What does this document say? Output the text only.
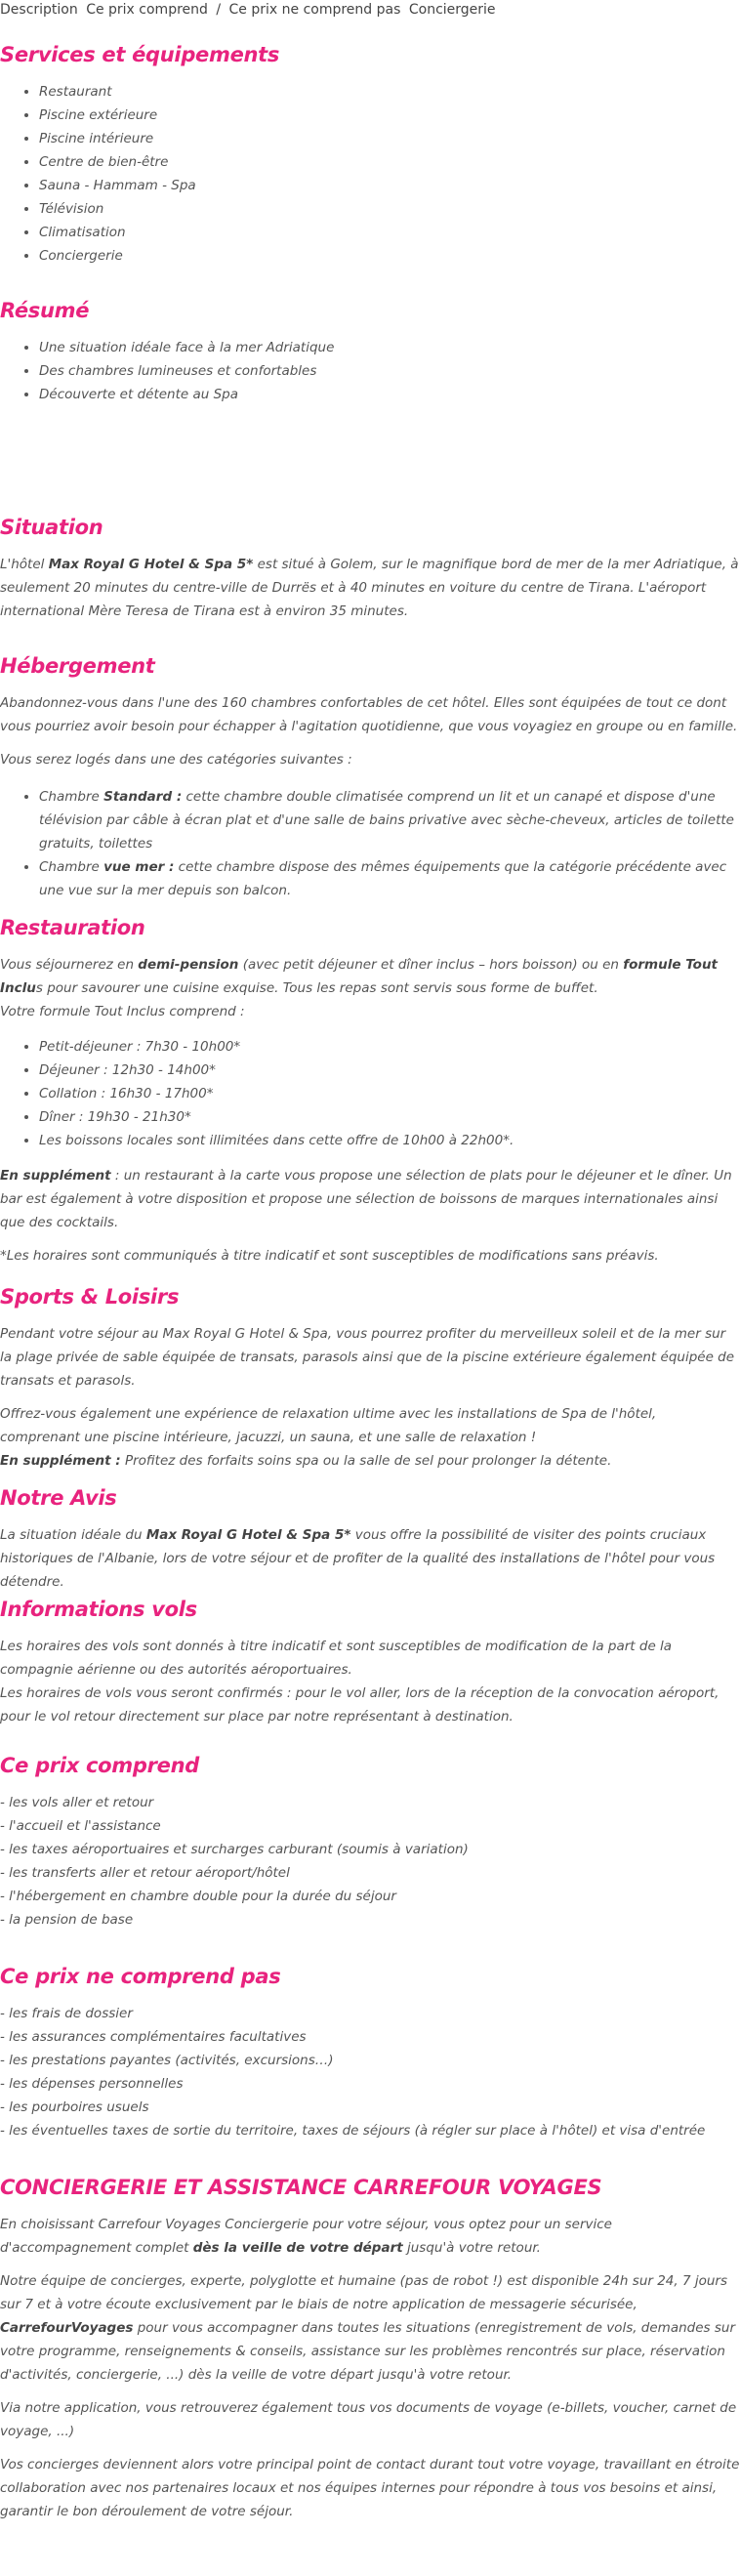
Description Ce prix comprend / Ce prix ne comprend pas Conciergerie
Services et équipements
• Restaurant
• Piscine extérieure
• Piscine intérieure
• Centre de bien-être
• Sauna - Hammam - Spa
• Télévision
• Climatisation
• Conciergerie
Résumé
• Une situation idéale face à la mer Adriatique
• Des chambres lumineuses et confortables
• Découverte et détente au Spa
Situation

L'hôtel Max Royal G Hotel & Spa 5* est situé à Golem, sur le magnifique bord de mer de la mer Adriatique, à seulement 20 minutes du centre-ville de Durrës et à 40 minutes en voiture du centre de Tirana. L'aéroport international Mère Teresa de Tirana est à environ 35 minutes.

Hébergement

Abandonnez-vous dans l'une des 160 chambres confortables de cet hôtel. Elles sont équipées de tout ce dont vous pourriez avoir besoin pour échapper à l'agitation quotidienne, que vous voyagiez en groupe ou en famille.

Vous serez logés dans une des catégories suivantes :

• Chambre Standard : cette chambre double climatisée comprend un lit et un canapé et dispose d'une télévision par câble à écran plat et d'une salle de bains privative avec sèche-cheveux, articles de toilette gratuits, toilettes
• Chambre vue mer : cette chambre dispose des mêmes équipements que la catégorie précédente avec une vue sur la mer depuis son balcon.
Restauration

Vous séjournerez en demi-pension (avec petit déjeuner et dîner inclus – hors boisson) ou en formule Tout Inclus pour savourer une cuisine exquise. Tous les repas sont servis sous forme de buffet.
Votre formule Tout Inclus comprend :

• Petit-déjeuner : 7h30 - 10h00*
• Déjeuner : 12h30 - 14h00*
• Collation : 16h30 - 17h00*
• Dîner : 19h30 - 21h30*
• Les boissons locales sont illimitées dans cette offre de 10h00 à 22h00*.

En supplément : un restaurant à la carte vous propose une sélection de plats pour le déjeuner et le dîner. Un bar est également à votre disposition et propose une sélection de boissons de marques internationales ainsi que des cocktails.

*Les horaires sont communiqués à titre indicatif et sont susceptibles de modifications sans préavis.

Sports & Loisirs

Pendant votre séjour au Max Royal G Hotel & Spa, vous pourrez profiter du merveilleux soleil et de la mer sur la plage privée de sable équipée de transats, parasols ainsi que de la piscine extérieure également équipée de transats et parasols.

Offrez-vous également une expérience de relaxation ultime avec les installations de Spa de l'hôtel, comprenant une piscine intérieure, jacuzzi, un sauna, et une salle de relaxation !
En supplément : Profitez des forfaits soins spa ou la salle de sel pour prolonger la détente.

Notre Avis

La situation idéale du Max Royal G Hotel & Spa 5* vous offre la possibilité de visiter des points cruciaux historiques de l'Albanie, lors de votre séjour et de profiter de la qualité des installations de l'hôtel pour vous détendre.

Informations vols

Les horaires des vols sont donnés à titre indicatif et sont susceptibles de modification de la part de la compagnie aérienne ou des autorités aéroportuaires.
Les horaires de vols vous seront confirmés : pour le vol aller, lors de la réception de la convocation aéroport, pour le vol retour directement sur place par notre représentant à destination.

Ce prix comprend

- les vols aller et retour

- l'accueil et l'assistance

- les taxes aéroportuaires et surcharges carburant (soumis à variation)

- les transferts aller et retour aéroport/hôtel

- l'hébergement en chambre double pour la durée du séjour

- la pension de base

Ce prix ne comprend pas

- les frais de dossier

- les assurances complémentaires facultatives

- les prestations payantes (activités, excursions…)

- les dépenses personnelles

- les pourboires usuels

- les éventuelles taxes de sortie du territoire, taxes de séjours (à régler sur place à l'hôtel) et visa d'entrée

CONCIERGERIE ET ASSISTANCE CARREFOUR VOYAGES

En choisissant Carrefour Voyages Conciergerie pour votre séjour, vous optez pour un service d'accompagnement complet dès la veille de votre départ jusqu'à votre retour.

Notre équipe de concierges, experte, polyglotte et humaine (pas de robot !) est disponible 24h sur 24, 7 jours sur 7 et à votre écoute exclusivement par le biais de notre application de messagerie sécurisée, CarrefourVoyages pour vous accompagner dans toutes les situations (enregistrement de vols, demandes sur votre programme, renseignements & conseils, assistance sur les problèmes rencontrés sur place, réservation d'activités, conciergerie, ...) dès la veille de votre départ jusqu'à votre retour.

Via notre application, vous retrouverez également tous vos documents de voyage (e-billets, voucher, carnet de voyage, ...)

Vos concierges deviennent alors votre principal point de contact durant tout votre voyage, travaillant en étroite collaboration avec nos partenaires locaux et nos équipes internes pour répondre à tous vos besoins et ainsi, garantir le bon déroulement de votre séjour.
